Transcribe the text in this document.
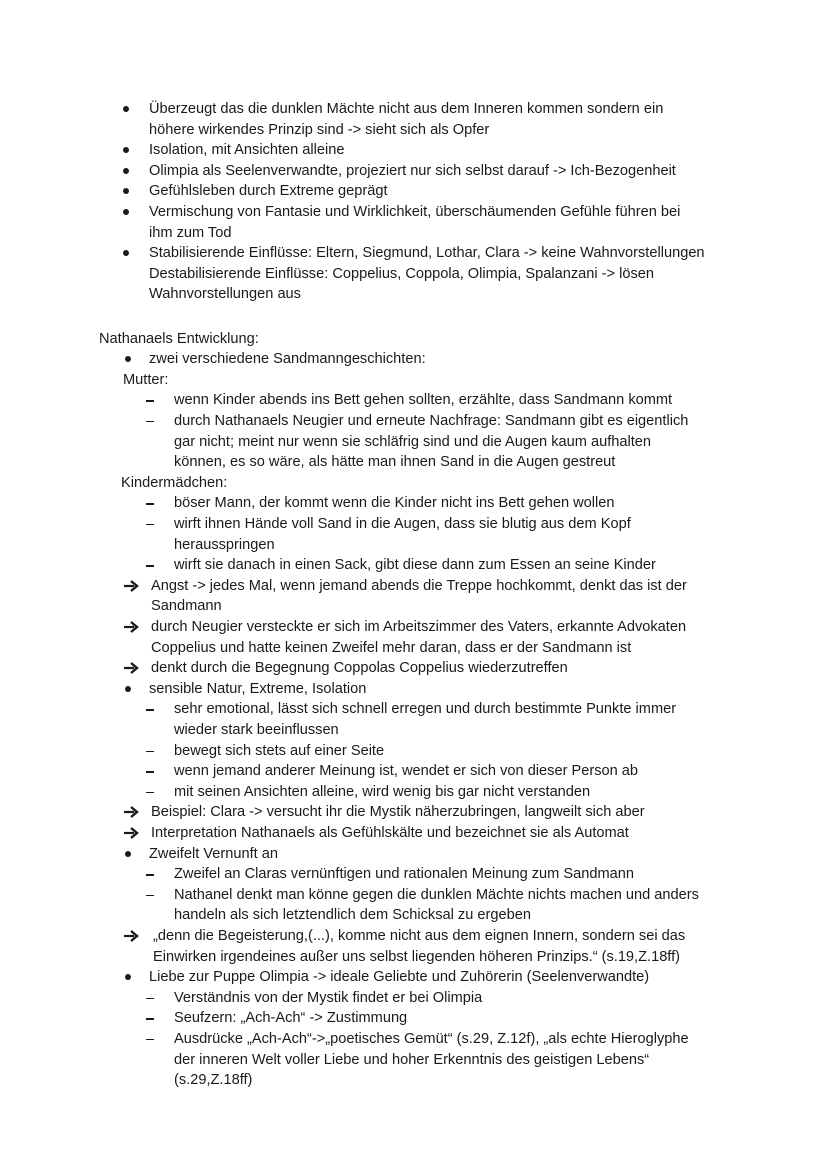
Überzeugt das die dunklen Mächte nicht aus dem Inneren kommen sondern ein
höhere wirkendes Prinzip sind -> sieht sich als Opfer
Isolation, mit Ansichten alleine
Olimpia als Seelenverwandte, projeziert nur sich selbst darauf -> Ich-Bezogenheit
Gefühlsleben durch Extreme geprägt
Vermischung von Fantasie und Wirklichkeit, überschäumenden Gefühle führen bei
ihm zum Tod
Stabilisierende Einflüsse: Eltern, Siegmund, Lothar, Clara -> keine Wahnvorstellungen
Destabilisierende Einflüsse: Coppelius, Coppola, Olimpia, Spalanzani -> lösen
Wahnvorstellungen aus
Nathanaels Entwicklung:
zwei verschiedene Sandmanngeschichten:
Mutter:
wenn Kinder abends ins Bett gehen sollten, erzählte, dass Sandmann kommt
durch Nathanaels Neugier und erneute Nachfrage: Sandmann gibt es eigentlich
gar nicht; meint nur wenn sie schläfrig sind und die Augen kaum aufhalten
können, es so wäre, als hätte man ihnen Sand in die Augen gestreut
Kindermädchen:
böser Mann, der kommt wenn die Kinder nicht ins Bett gehen wollen
wirft ihnen Hände voll Sand in die Augen, dass sie blutig aus dem Kopf
herausspringen
wirft sie danach in einen Sack, gibt diese dann zum Essen an seine Kinder
Angst -> jedes Mal, wenn jemand abends die Treppe hochkommt, denkt das ist der
Sandmann
durch Neugier versteckte er sich im Arbeitszimmer des Vaters, erkannte Advokaten
Coppelius und hatte keinen Zweifel mehr daran, dass er der Sandmann ist
denkt durch die Begegnung Coppolas Coppelius wiederzutreffen
sensible Natur, Extreme, Isolation
sehr emotional, lässt sich schnell erregen und durch bestimmte Punkte immer
wieder stark beeinflussen
bewegt sich stets auf einer Seite
wenn jemand anderer Meinung ist, wendet er sich von dieser Person ab
mit seinen Ansichten alleine, wird wenig bis gar nicht verstanden
Beispiel: Clara -> versucht ihr die Mystik näherzubringen, langweilt sich aber
Interpretation Nathanaels als Gefühlskälte und bezeichnet sie als Automat
Zweifelt Vernunft an
Zweifel an Claras vernünftigen und rationalen Meinung zum Sandmann
Nathanel denkt man könne gegen die dunklen Mächte nichts machen und anders
handeln als sich letztendlich dem Schicksal zu ergeben
„denn die Begeisterung,(...), komme nicht aus dem eignen Innern, sondern sei das
Einwirken irgendeines außer uns selbst liegenden höheren Prinzips.“ (s.19,Z.18ff)
Liebe zur Puppe Olimpia -> ideale Geliebte und Zuhörerin (Seelenverwandte)
Verständnis von der Mystik findet er bei Olimpia
Seufzern: „Ach-Ach“ -> Zustimmung
Ausdrücke „Ach-Ach“->„poetisches Gemüt“ (s.29, Z.12f), „als echte Hieroglyphe
der inneren Welt voller Liebe und hoher Erkenntnis des geistigen Lebens“
(s.29,Z.18ff)
